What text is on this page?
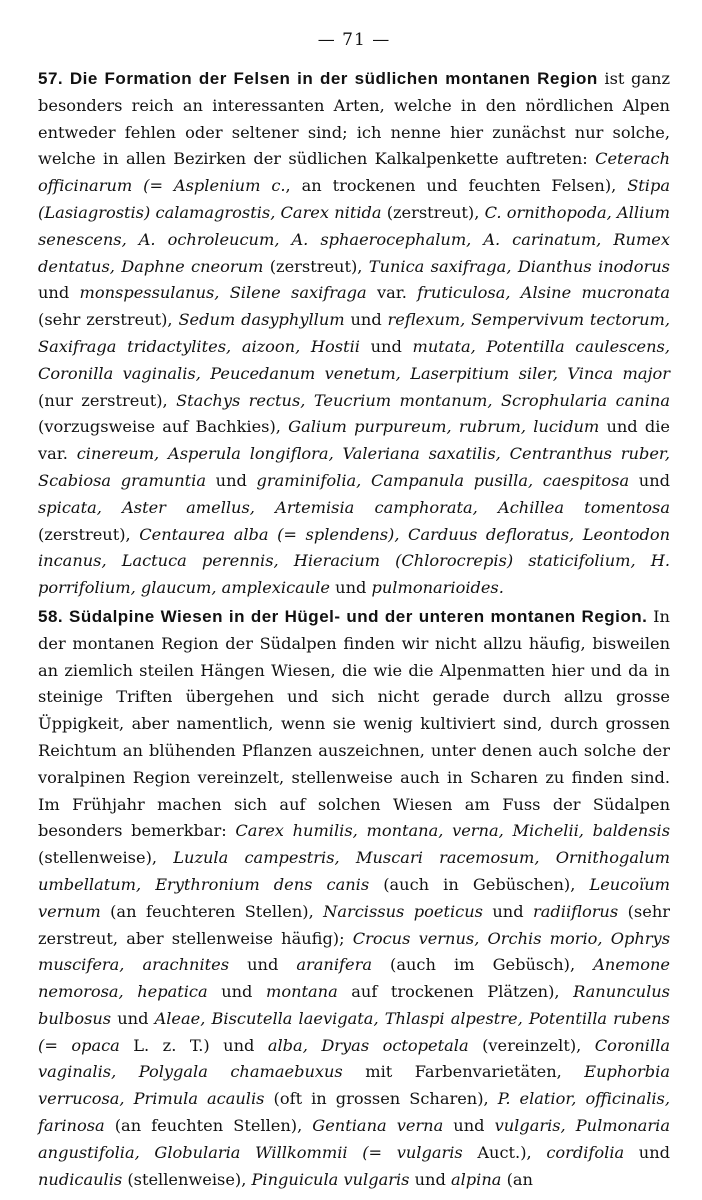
— 71 —

57. Die Formation der Felsen in der südlichen montanen Region ist ganz besonders reich an interessanten Arten, welche in den nördlichen Alpen entweder fehlen oder seltener sind; ich nenne hier zunächst nur solche, welche in allen Bezirken der südlichen Kalkalpenkette auftreten: Ceterach officinarum (= Asplenium c., an trockenen und feuchten Felsen), Stipa (Lasiagrostis) calamagrostis, Carex nitida (zerstreut), C. ornithopoda, Allium senescens, A. ochroleucum, A. sphaerocephalum, A. carinatum, Rumex dentatus, Daphne cneorum (zerstreut), Tunica saxifraga, Dianthus inodorus und monspessulanus, Silene saxifraga var. fruticulosa, Alsine mucronata (sehr zerstreut), Sedum dasyphyllum und reflexum, Sempervivum tectorum, Saxifraga tridactylites, aizoon, Hostii und mutata, Potentilla caulescens, Coronilla vaginalis, Peucedanum venetum, Laserpitium siler, Vinca major (nur zerstreut), Stachys rectus, Teucrium montanum, Scrophularia canina (vorzugsweise auf Bachkies), Galium purpureum, rubrum, lucidum und die var. cinereum, Asperula longiflora, Valeriana saxatilis, Centranthus ruber, Scabiosa gramuntia und graminifolia, Campanula pusilla, caespitosa und spicata, Aster amellus, Artemisia camphorata, Achillea tomentosa (zerstreut), Centaurea alba (= splendens), Carduus defloratus, Leontodon incanus, Lactuca perennis, Hieracium (Chlorocrepis) staticifolium, H. porrifolium, glaucum, amplexicaule und pulmonarioides.

58. Südalpine Wiesen in der Hügel- und der unteren montanen Region. In der montanen Region der Südalpen finden wir nicht allzu häufig, bisweilen an ziemlich steilen Hängen Wiesen, die wie die Alpenmatten hier und da in steinige Triften übergehen und sich nicht gerade durch allzu grosse Üppigkeit, aber namentlich, wenn sie wenig kultiviert sind, durch grossen Reichtum an blühenden Pflanzen auszeichnen, unter denen auch solche der voralpinen Region vereinzelt, stellenweise auch in Scharen zu finden sind. Im Frühjahr machen sich auf solchen Wiesen am Fuss der Südalpen besonders bemerkbar: Carex humilis, montana, verna, Michelii, baldensis (stellenweise), Luzula campestris, Muscari racemosum, Ornithogalum umbellatum, Erythronium dens canis (auch in Gebüschen), Leucoïum vernum (an feuchteren Stellen), Narcissus poeticus und radiiflorus (sehr zerstreut, aber stellenweise häufig); Crocus vernus, Orchis morio, Ophrys muscifera, arachnites und aranifera (auch im Gebüsch), Anemone nemorosa, hepatica und montana auf trockenen Plätzen), Ranunculus bulbosus und Aleae, Biscutella laevigata, Thlaspi alpestre, Potentilla rubens (= opaca L. z. T.) und alba, Dryas octopetala (vereinzelt), Coronilla vaginalis, Polygala chamaebuxus mit Farbenvarietäten, Euphorbia verrucosa, Primula acaulis (oft in grossen Scharen), P. elatior, officinalis, farinosa (an feuchten Stellen), Gentiana verna und vulgaris, Pulmonaria angustifolia, Globularia Willkommii (= vulgaris Auct.), cordifolia und nudicaulis (stellenweise), Pinguicula vulgaris und alpina (an
